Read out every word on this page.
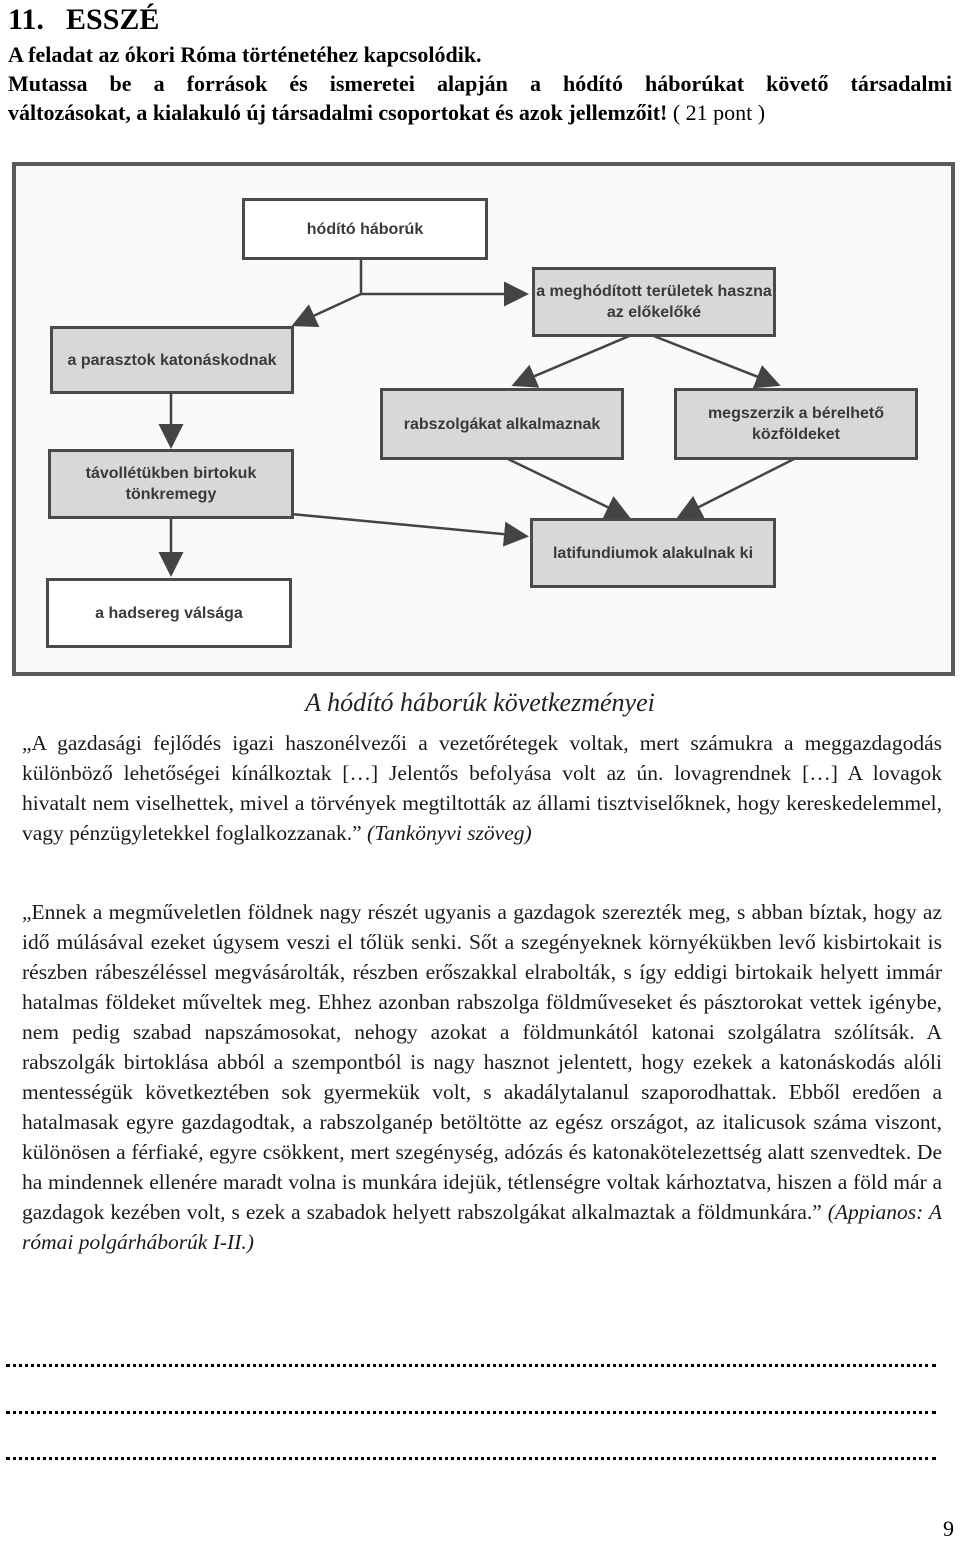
11. ESSZÉ
A feladat az ókori Róma történetéhez kapcsolódik.
Mutassa be a források és ismeretei alapján a hódító háborúkat követő társadalmi
változásokat, a kialakuló új társadalmi csoportokat és azok jellemzőit! ( 21 pont )
hódító háborúk
a meghódított területek haszna az előkelőké
a parasztok katonáskodnak
rabszolgákat alkalmaznak
megszerzik a bérelhető közföldeket
távollétükben birtokuk tönkremegy
latifundiumok alakulnak ki
a hadsereg válsága
A hódító háborúk következményei
„A gazdasági fejlődés igazi haszonélvezői a vezetőrétegek voltak, mert számukra a meggazdagodás különböző lehetőségei kínálkoztak […] Jelentős befolyása volt az ún. lovagrendnek […] A lovagok hivatalt nem viselhettek, mivel a törvények megtiltották az állami tisztviselőknek, hogy kereskedelemmel, vagy pénzügyletekkel foglalkozzanak.” (Tankönyvi szöveg)
„Ennek a megműveletlen földnek nagy részét ugyanis a gazdagok szerezték meg, s abban bíztak, hogy az idő múlásával ezeket úgysem veszi el tőlük senki. Sőt a szegényeknek környékükben levő kisbirtokait is részben rábeszéléssel megvásárolták, részben erőszakkal elrabolták, s így eddigi birtokaik helyett immár hatalmas földeket műveltek meg. Ehhez azonban rabszolga földműveseket és pásztorokat vettek igénybe, nem pedig szabad napszámosokat, nehogy azokat a földmunkától katonai szolgálatra szólítsák. A rabszolgák birtoklása abból a szempontból is nagy hasznot jelentett, hogy ezekek a katonáskodás alóli mentességük következtében sok gyermekük volt, s akadálytalanul szaporodhattak. Ebből eredően a hatalmasak egyre gazdagodtak, a rabszolganép betöltötte az egész országot, az italicusok száma viszont, különösen a férfiaké, egyre csökkent, mert szegénység, adózás és katonakötelezettség alatt szenvedtek. De ha mindennek ellenére maradt volna is munkára idejük, tétlenségre voltak kárhoztatva, hiszen a föld már a gazdagok kezében volt, s ezek a szabadok helyett rabszolgákat alkalmaztak a földmunkára.” (Appianos: A római polgárháborúk I-II.)
9
